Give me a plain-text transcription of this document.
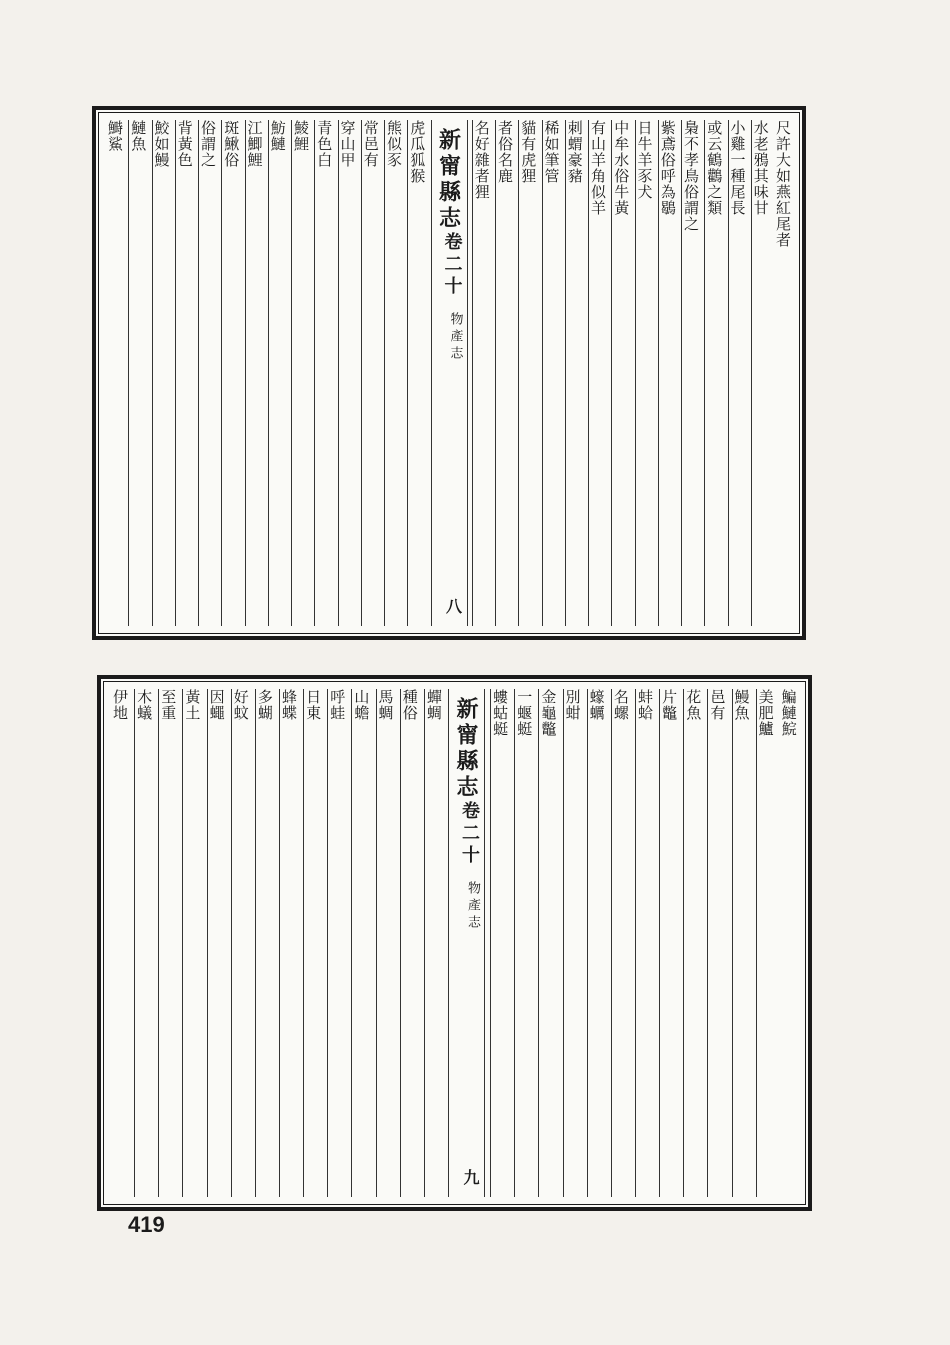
尺許大如燕紅尾者
水老鴉其味甘
小雞一種尾長
或云鶴鸛之類
梟不孝鳥俗謂之
紫鳶俗呼為鶡
日牛羊豕犬
中牟水俗牛黃
有山羊角似羊
刺蝟豪豬
稀如筆管
貓有虎狸
者俗名鹿
名好雜者狸
新甯縣志
卷二十
物產志
八
虎瓜狐猴
熊似豕
常邑有
穿山甲
青色白
鯪鯉
魴鰱
江鯽鯉
斑鰍俗
俗謂之
背黃色
鮫如鰻
鰱魚
鰣鯊
鯿鰱鯇
美肥鱸
鰻魚
邑有
花魚
片鼈
蚌蛤
名螺
蠔蠣
別蚶
金龜鼈
一蝘蜓
螻蛄蜓
新甯縣志
卷二十
物產志
九
蟬蜩
種俗
馬蜩
山蟾
呼蛙
日東
蜂蝶
多蝴
好蚊
因蠅
黃土
至重
木蟻
伊地
419
